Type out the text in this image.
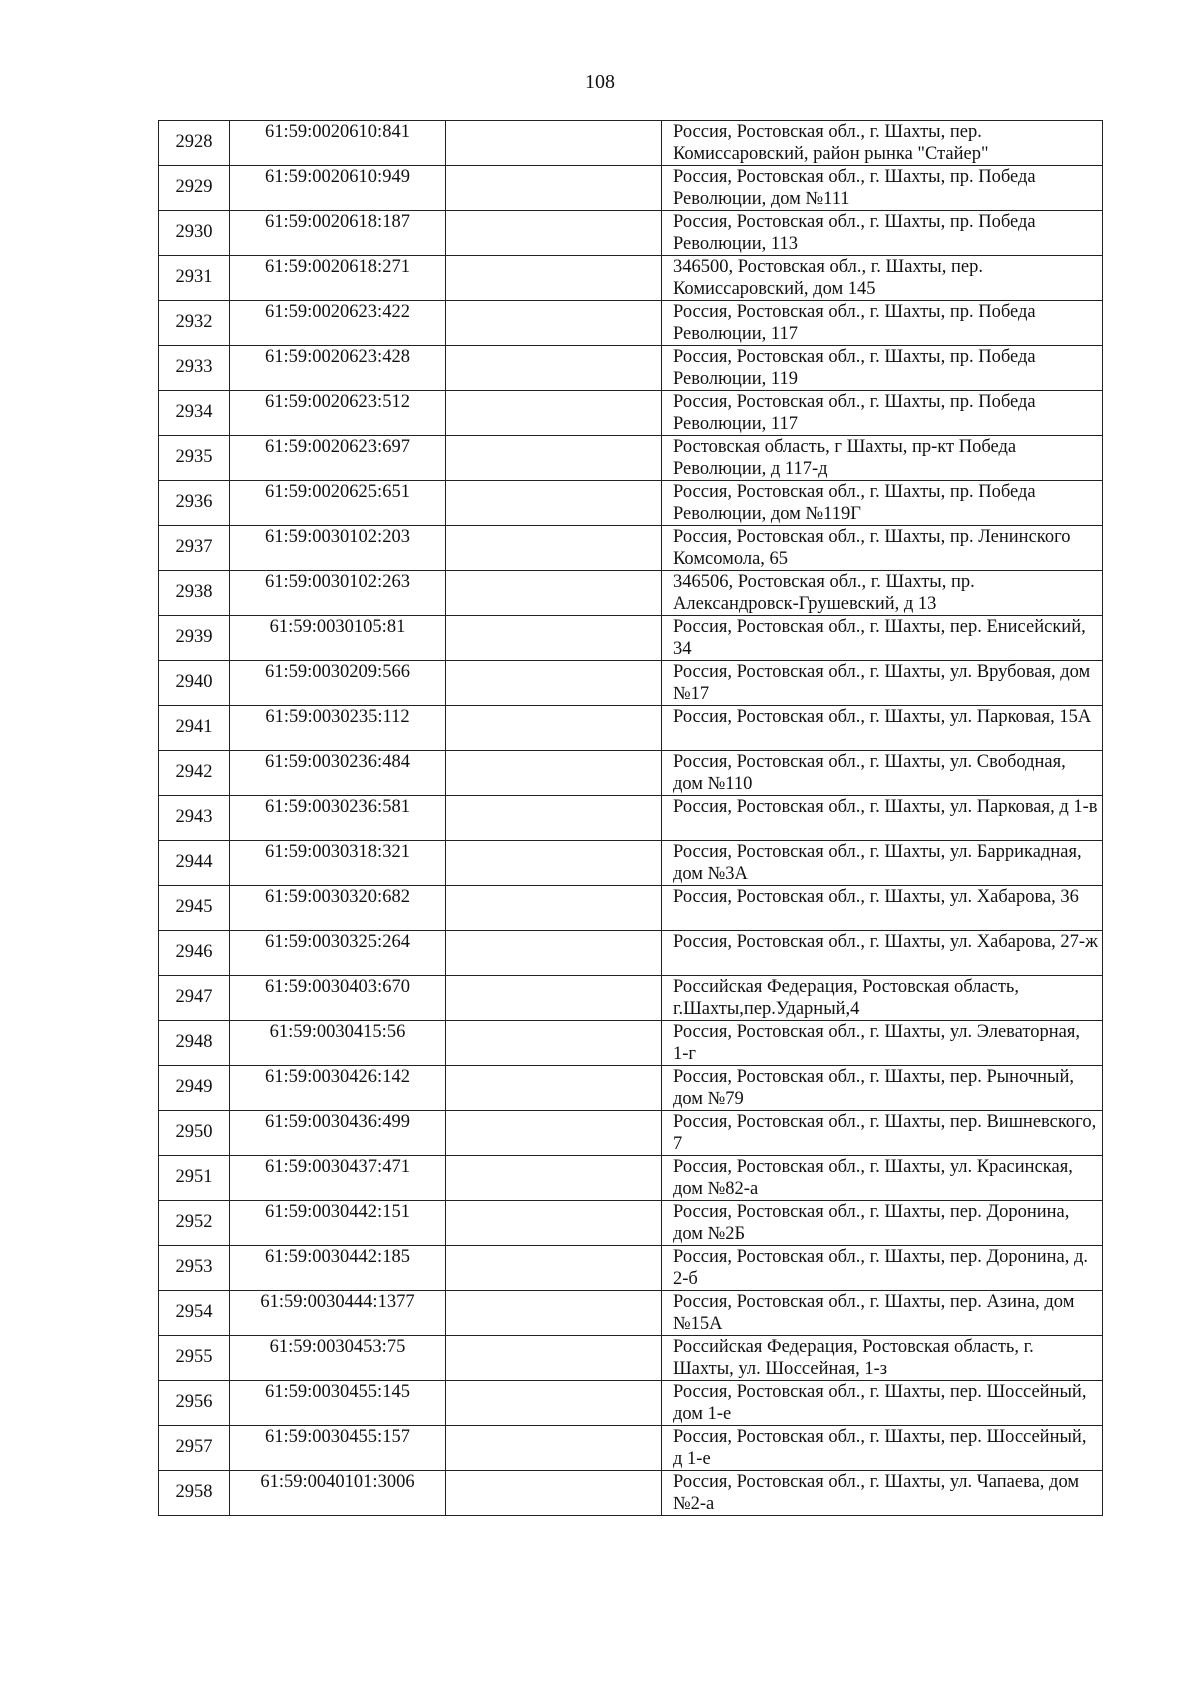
108
2928	61:59:0020610:841		Россия, Ростовская обл., г. Шахты, пер. Комиссаровский, район рынка "Стайер"
2929	61:59:0020610:949		Россия, Ростовская обл., г. Шахты, пр. Победа Революции, дом №111
2930	61:59:0020618:187		Россия, Ростовская обл., г. Шахты, пр. Победа Революции, 113
2931	61:59:0020618:271		346500, Ростовская обл., г. Шахты, пер. Комиссаровский, дом 145
2932	61:59:0020623:422		Россия, Ростовская обл., г. Шахты, пр. Победа Революции, 117
2933	61:59:0020623:428		Россия, Ростовская обл., г. Шахты, пр. Победа Революции, 119
2934	61:59:0020623:512		Россия, Ростовская обл., г. Шахты, пр. Победа Революции, 117
2935	61:59:0020623:697		Ростовская область, г Шахты, пр-кт Победа Революции, д 117-д
2936	61:59:0020625:651		Россия, Ростовская обл., г. Шахты, пр. Победа Революции, дом №119Г
2937	61:59:0030102:203		Россия, Ростовская обл., г. Шахты, пр. Ленинского Комсомола, 65
2938	61:59:0030102:263		346506, Ростовская обл., г. Шахты, пр. Александровск-Грушевский, д 13
2939	61:59:0030105:81		Россия, Ростовская обл., г. Шахты, пер. Енисейский, 34
2940	61:59:0030209:566		Россия, Ростовская обл., г. Шахты, ул. Врубовая, дом №17
2941	61:59:0030235:112		Россия, Ростовская обл., г. Шахты, ул. Парковая, 15А
2942	61:59:0030236:484		Россия, Ростовская обл., г. Шахты, ул. Свободная, дом №110
2943	61:59:0030236:581		Россия, Ростовская обл., г. Шахты, ул. Парковая, д 1-в
2944	61:59:0030318:321		Россия, Ростовская обл., г. Шахты, ул. Баррикадная, дом №3А
2945	61:59:0030320:682		Россия, Ростовская обл., г. Шахты, ул. Хабарова, 36
2946	61:59:0030325:264		Россия, Ростовская обл., г. Шахты, ул. Хабарова, 27-ж
2947	61:59:0030403:670		Российская Федерация, Ростовская область, г.Шахты,пер.Ударный,4
2948	61:59:0030415:56		Россия, Ростовская обл., г. Шахты, ул. Элеваторная, 1-г
2949	61:59:0030426:142		Россия, Ростовская обл., г. Шахты, пер. Рыночный, дом №79
2950	61:59:0030436:499		Россия, Ростовская обл., г. Шахты, пер. Вишневского, 7
2951	61:59:0030437:471		Россия, Ростовская обл., г. Шахты, ул. Красинская, дом №82-а
2952	61:59:0030442:151		Россия, Ростовская обл., г. Шахты, пер. Доронина, дом №2Б
2953	61:59:0030442:185		Россия, Ростовская обл., г. Шахты, пер. Доронина, д. 2-б
2954	61:59:0030444:1377		Россия, Ростовская обл., г. Шахты, пер. Азина, дом №15А
2955	61:59:0030453:75		Российская Федерация, Ростовская область, г. Шахты, ул. Шоссейная, 1-з
2956	61:59:0030455:145		Россия, Ростовская обл., г. Шахты, пер. Шоссейный, дом 1-е
2957	61:59:0030455:157		Россия, Ростовская обл., г. Шахты, пер. Шоссейный, д 1-е
2958	61:59:0040101:3006		Россия, Ростовская обл., г. Шахты, ул. Чапаева, дом №2-а
